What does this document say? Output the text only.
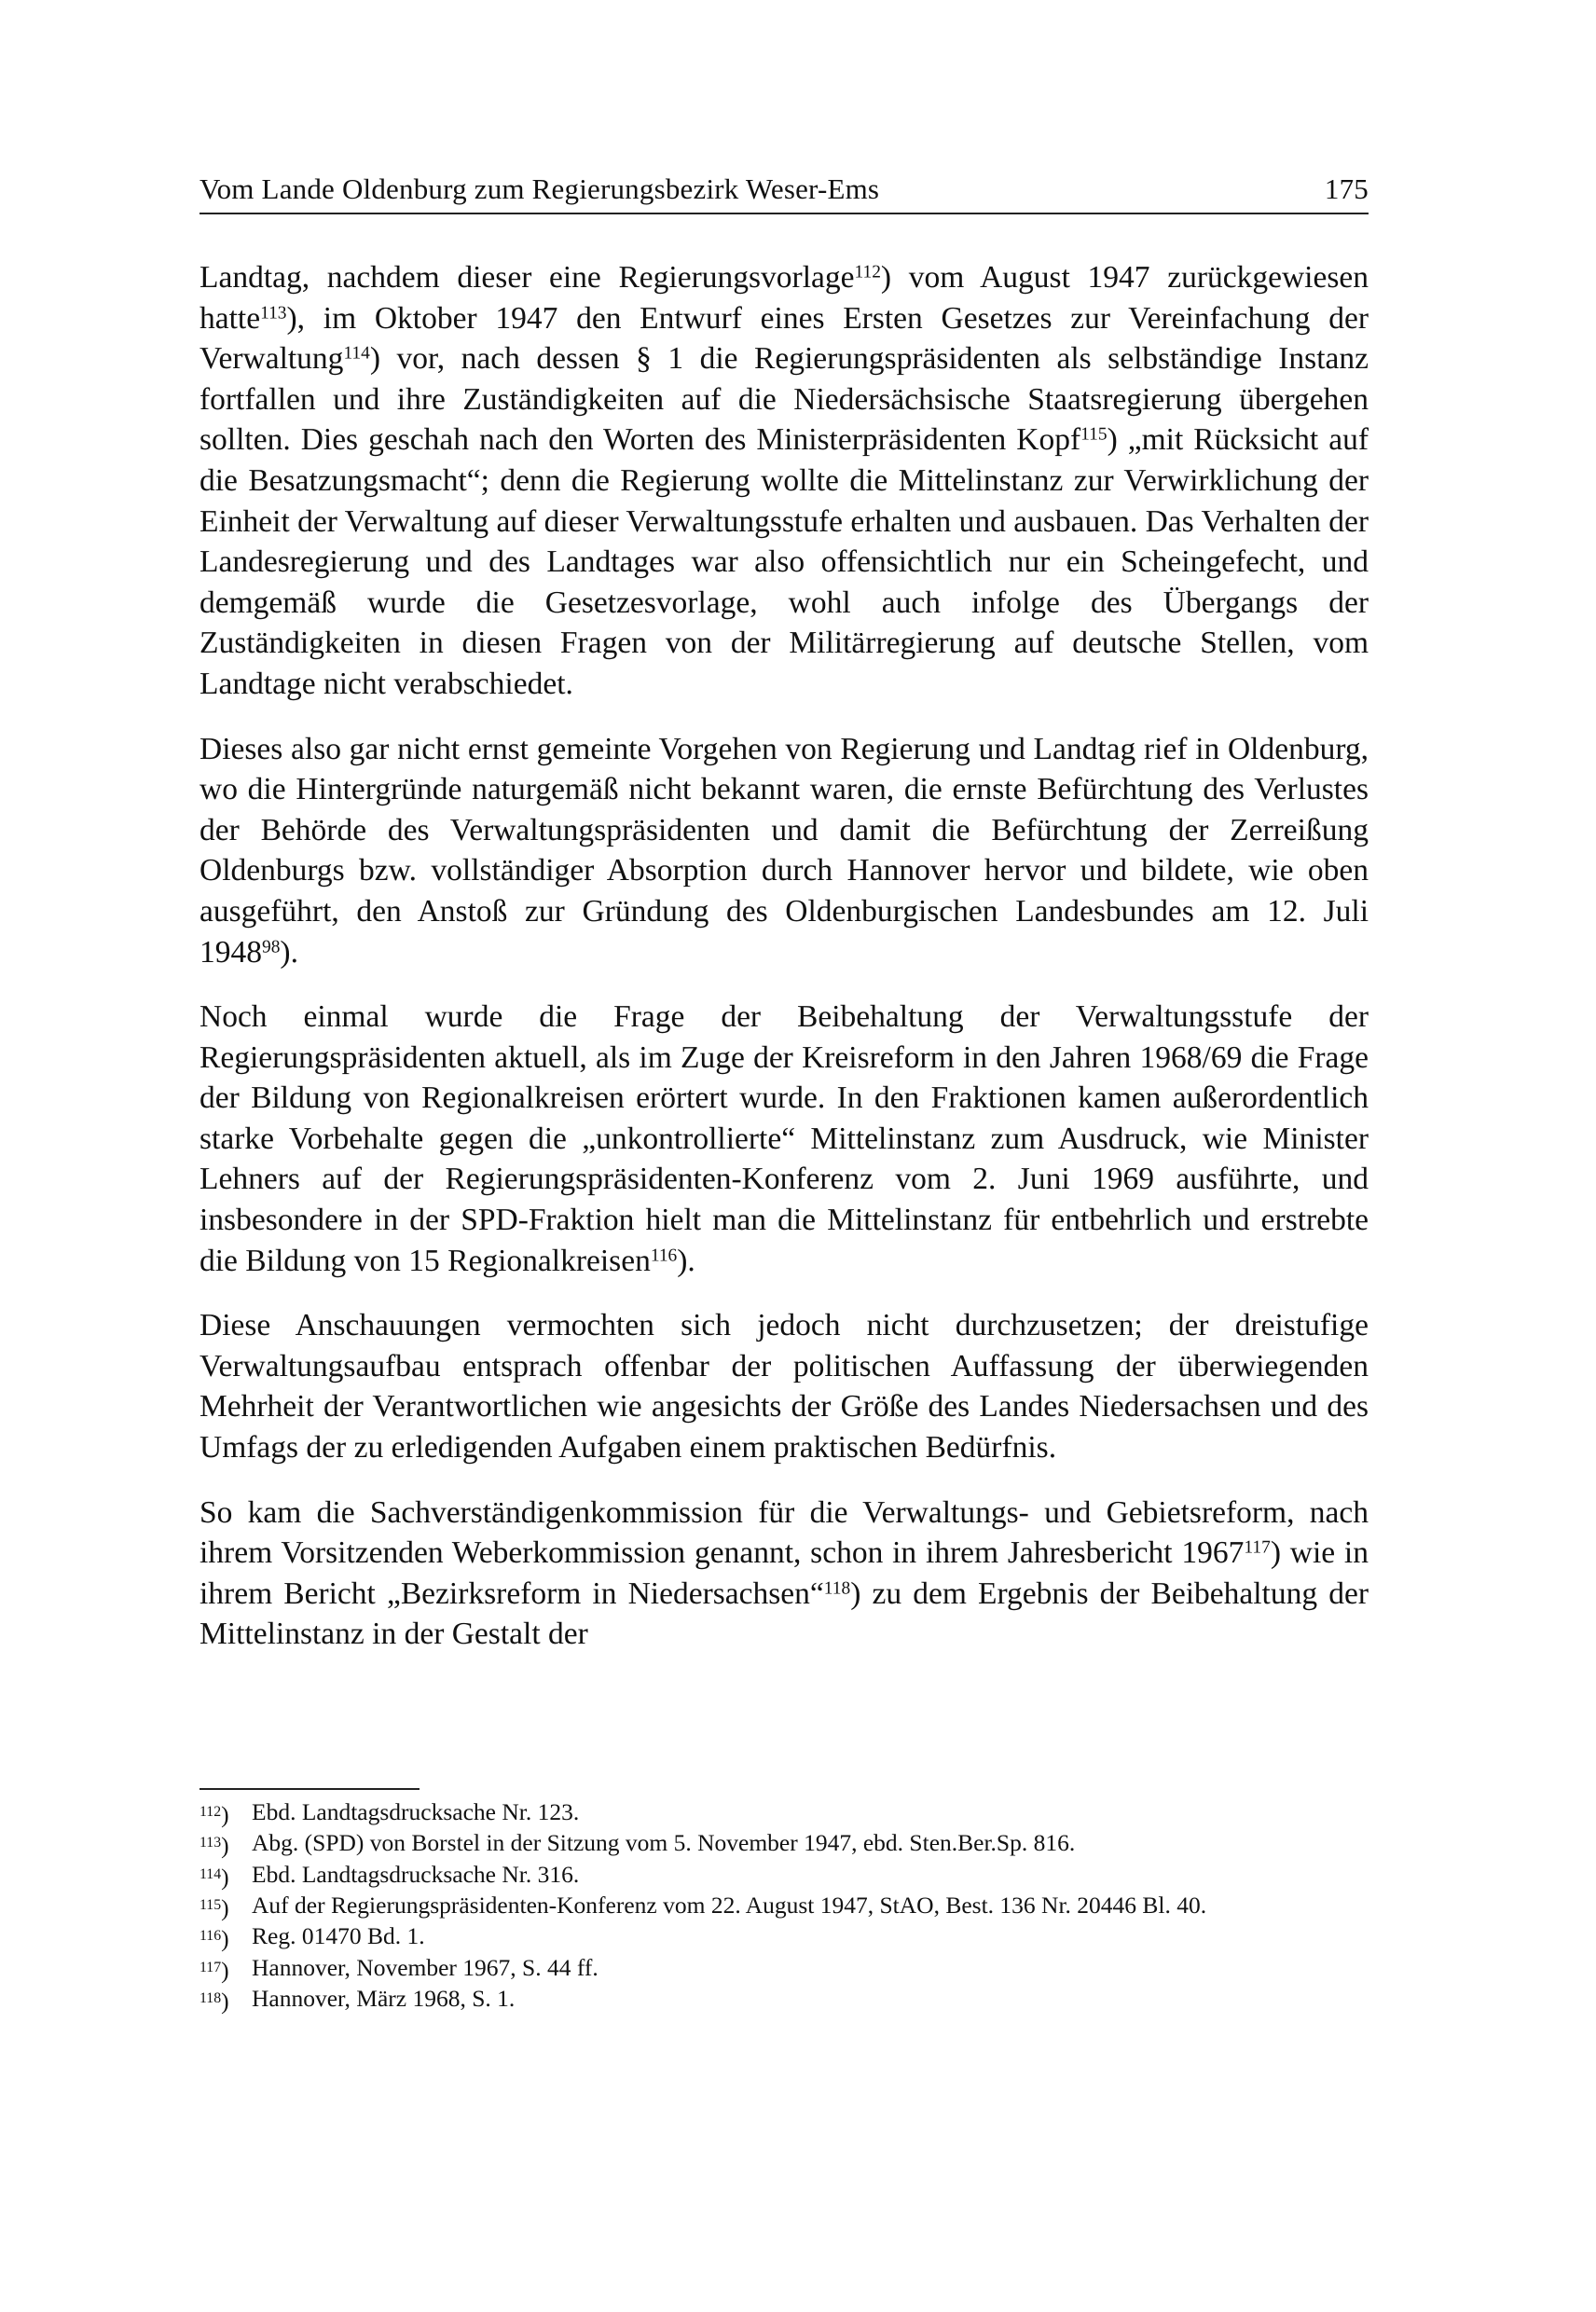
Vom Lande Oldenburg zum Regierungsbezirk Weser-Ems	175

Landtag, nachdem dieser eine Regierungsvorlage$^{112}$) vom August 1947 zurückgewiesen hatte$^{113}$), im Oktober 1947 den Entwurf eines Ersten Gesetzes zur Vereinfachung der Verwaltung$^{114}$) vor, nach dessen § 1 die Regierungspräsidenten als selbständige Instanz fortfallen und ihre Zuständigkeiten auf die Niedersächsische Staatsregierung übergehen sollten. Dies geschah nach den Worten des Ministerpräsidenten Kopf$^{115}$) „mit Rücksicht auf die Besatzungsmacht“; denn die Regierung wollte die Mittelinstanz zur Verwirklichung der Einheit der Verwaltung auf dieser Verwaltungsstufe erhalten und ausbauen. Das Verhalten der Landesregierung und des Landtages war also offensichtlich nur ein Scheingefecht, und demgemäß wurde die Gesetzesvorlage, wohl auch infolge des Übergangs der Zuständigkeiten in diesen Fragen von der Militärregierung auf deutsche Stellen, vom Landtage nicht verabschiedet.

Dieses also gar nicht ernst gemeinte Vorgehen von Regierung und Landtag rief in Oldenburg, wo die Hintergründe naturgemäß nicht bekannt waren, die ernste Befürchtung des Verlustes der Behörde des Verwaltungspräsidenten und damit die Befürchtung der Zerreißung Oldenburgs bzw. vollständiger Absorption durch Hannover hervor und bildete, wie oben ausgeführt, den Anstoß zur Gründung des Oldenburgischen Landesbundes am 12. Juli 1948$^{98}$).

Noch einmal wurde die Frage der Beibehaltung der Verwaltungsstufe der Regierungspräsidenten aktuell, als im Zuge der Kreisreform in den Jahren 1968/69 die Frage der Bildung von Regionalkreisen erörtert wurde. In den Fraktionen kamen außerordentlich starke Vorbehalte gegen die „unkontrollierte“ Mittelinstanz zum Ausdruck, wie Minister Lehners auf der Regierungspräsidenten-Konferenz vom 2. Juni 1969 ausführte, und insbesondere in der SPD-Fraktion hielt man die Mittelinstanz für entbehrlich und erstrebte die Bildung von 15 Regionalkreisen$^{116}$).

Diese Anschauungen vermochten sich jedoch nicht durchzusetzen; der dreistufige Verwaltungsaufbau entsprach offenbar der politischen Auffassung der überwiegenden Mehrheit der Verantwortlichen wie angesichts der Größe des Landes Niedersachsen und des Umfags der zu erledigenden Aufgaben einem praktischen Bedürfnis.

So kam die Sachverständigenkommission für die Verwaltungs- und Gebietsreform, nach ihrem Vorsitzenden Weberkommission genannt, schon in ihrem Jahresbericht 1967$^{117}$) wie in ihrem Bericht „Bezirksreform in Niedersachsen“$^{118}$) zu dem Ergebnis der Beibehaltung der Mittelinstanz in der Gestalt der

$^{112}$) Ebd. Landtagsdrucksache Nr. 123.
$^{113}$) Abg. (SPD) von Borstel in der Sitzung vom 5. November 1947, ebd. Sten.Ber.Sp. 816.
$^{114}$) Ebd. Landtagsdrucksache Nr. 316.
$^{115}$) Auf der Regierungspräsidenten-Konferenz vom 22. August 1947, StAO, Best. 136 Nr. 20446 Bl. 40.
$^{116}$) Reg. 01470 Bd. 1.
$^{117}$) Hannover, November 1967, S. 44 ff.
$^{118}$) Hannover, März 1968, S. 1.
